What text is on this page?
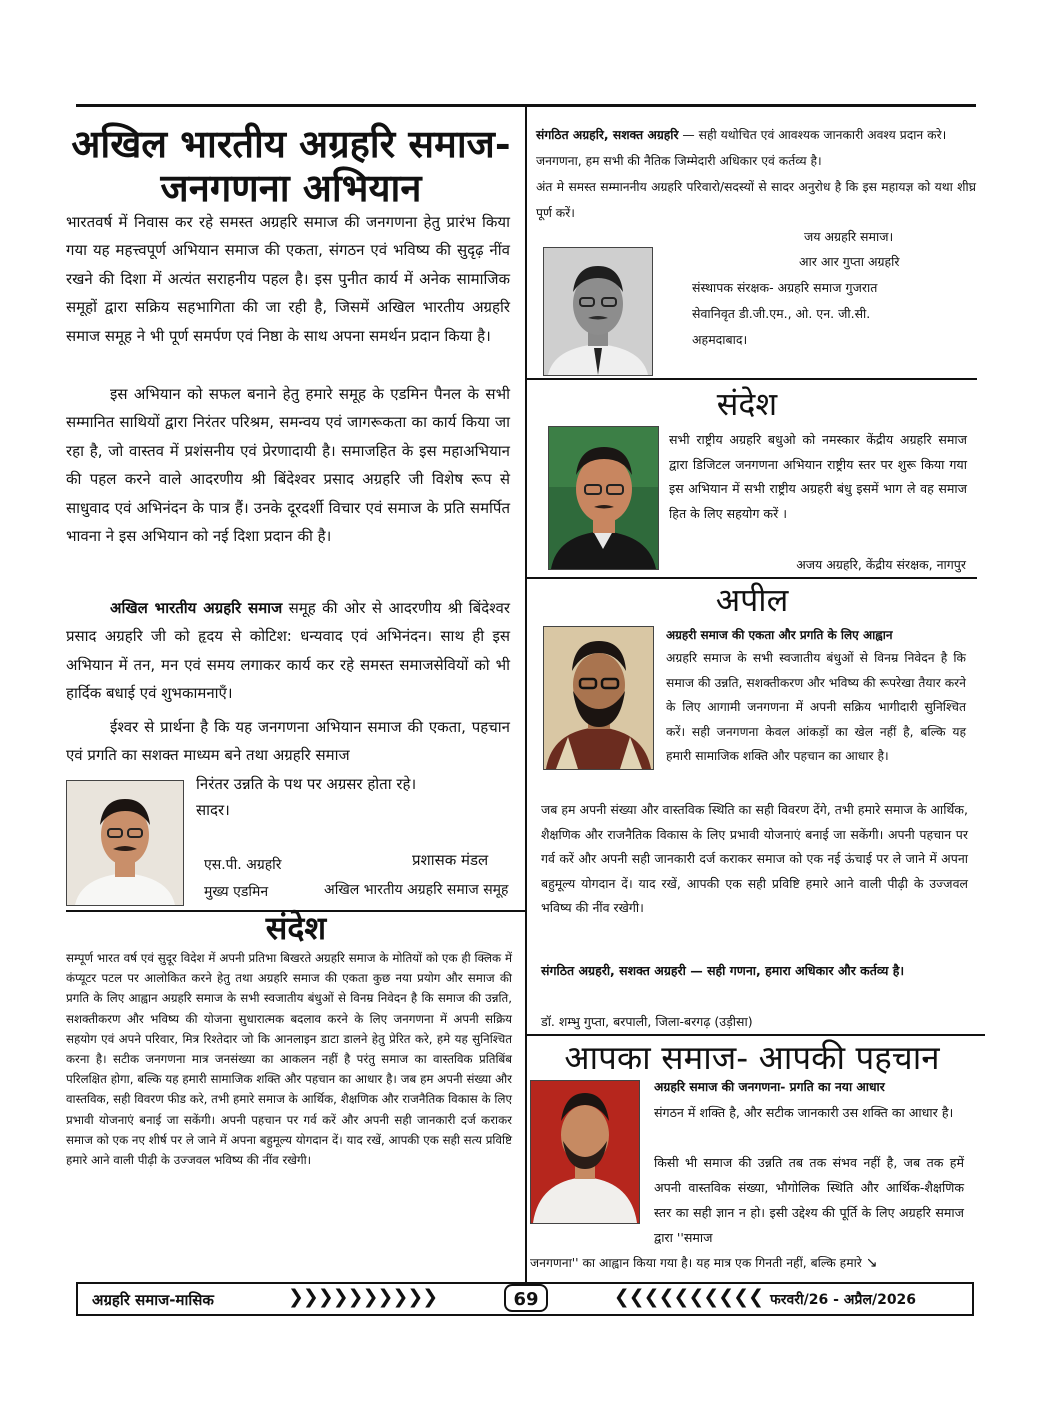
अखिल भारतीय अग्रहरि समाज-
जनगणना अभियान

भारतवर्ष में निवास कर रहे समस्त अग्रहरि समाज की जनगणना हेतु प्रारंभ किया गया यह महत्त्वपूर्ण अभियान समाज की एकता, संगठन एवं भविष्य की सुदृढ़ नींव रखने की दिशा में अत्यंत सराहनीय पहल है। इस पुनीत कार्य में अनेक सामाजिक समूहों द्वारा सक्रिय सहभागिता की जा रही है, जिसमें अखिल भारतीय अग्रहरि समाज समूह ने भी पूर्ण समर्पण एवं निष्ठा के साथ अपना समर्थन प्रदान किया है।

इस अभियान को सफल बनाने हेतु हमारे समूह के एडमिन पैनल के सभी सम्मानित साथियों द्वारा निरंतर परिश्रम, समन्वय एवं जागरूकता का कार्य किया जा रहा है, जो वास्तव में प्रशंसनीय एवं प्रेरणादायी है। समाजहित के इस महाअभियान की पहल करने वाले आदरणीय श्री बिंदेश्वर प्रसाद अग्रहरि जी विशेष रूप से साधुवाद एवं अभिनंदन के पात्र हैं। उनके दूरदर्शी विचार एवं समाज के प्रति समर्पित भावना ने इस अभियान को नई दिशा प्रदान की है।

अखिल भारतीय अग्रहरि समाज समूह की ओर से आदरणीय श्री बिंदेश्वर प्रसाद अग्रहरि जी को हृदय से कोटिश: धन्यवाद एवं अभिनंदन। साथ ही इस अभियान में तन, मन एवं समय लगाकर कार्य कर रहे समस्त समाजसेवियों को भी हार्दिक बधाई एवं शुभकामनाएँ।

ईश्वर से प्रार्थना है कि यह जनगणना अभियान समाज की एकता, पहचान एवं प्रगति का सशक्त माध्यम बने तथा अग्रहरि समाज

निरंतर उन्नति के पथ पर अग्रसर होता रहे।

सादर।
एस.पी. अग्रहरि
मुख्य एडमिन
प्रशासक मंडल
अखिल भारतीय अग्रहरि समाज समूह
संदेश

सम्पूर्ण भारत वर्ष एवं सुदूर विदेश में अपनी प्रतिभा बिखरते अग्रहरि समाज के मोतियों को एक ही क्लिक में कंप्यूटर पटल पर आलोकित करने हेतु तथा अग्रहरि समाज की एकता कुछ नया प्रयोग और समाज की प्रगति के लिए आह्वान अग्रहरि समाज के सभी स्वजातीय बंधुओं से विनम्र निवेदन है कि समाज की उन्नति, सशक्तीकरण और भविष्य की योजना सुधारात्मक बदलाव करने के लिए जनगणना में अपनी सक्रिय सहयोग एवं अपने परिवार, मित्र रिश्तेदार जो कि आनलाइन डाटा डालने हेतु प्रेरित करे, हमे यह सुनिश्चित करना है। सटीक जनगणना मात्र जनसंख्या का आकलन नहीं है परंतु समाज का वास्तविक प्रतिबिंब परिलक्षित होगा, बल्कि यह हमारी सामाजिक शक्ति और पहचान का आधार है। जब हम अपनी संख्या और वास्तविक, सही विवरण फीड करे, तभी हमारे समाज के आर्थिक, शैक्षणिक और राजनैतिक विकास के लिए प्रभावी योजनाएं बनाई जा सकेंगी। अपनी पहचान पर गर्व करें और अपनी सही जानकारी दर्ज कराकर समाज को एक नए शीर्ष पर ले जाने में अपना बहुमूल्य योगदान दें। याद रखें, आपकी एक सही सत्य प्रविष्टि हमारे आने वाली पीढ़ी के उज्जवल भविष्य की नींव रखेगी।

संगठित अग्रहरि, सशक्त अग्रहरि — सही यथोचित एवं आवश्यक जानकारी अवश्य प्रदान करे।
जनगणना, हम सभी की नैतिक जिम्मेदारी अधिकार एवं कर्तव्य है।
अंत मे समस्त सम्माननीय अग्रहरि परिवारो/सदस्यों से सादर अनुरोध है कि इस महायज्ञ को यथा शीघ्र पूर्ण करें।

जय अग्रहरि समाज।
आर आर गुप्ता अग्रहरि
संस्थापक संरक्षक- अग्रहरि समाज गुजरात
सेवानिवृत डी.जी.एम., ओ. एन. जी.सी.
अहमदाबाद।
संदेश

सभी राष्ट्रीय अग्रहरि बधुओ को नमस्कार केंद्रीय अग्रहरि समाज द्वारा डिजिटल जनगणना अभियान राष्ट्रीय स्तर पर शुरू किया गया इस अभियान में सभी राष्ट्रीय अग्रहरी बंधु इसमें भाग ले वह समाज हित के लिए सहयोग करें ।

अजय अग्रहरि, केंद्रीय संरक्षक, नागपुर
अपील
अग्रहरी समाज की एकता और प्रगति के लिए आह्वान

अग्रहरि समाज के सभी स्वजातीय बंधुओं से विनम्र निवेदन है कि समाज की उन्नति, सशक्तीकरण और भविष्य की रूपरेखा तैयार करने के लिए आगामी जनगणना में अपनी सक्रिय भागीदारी सुनिश्चित करें। सही जनगणना केवल आंकड़ों का खेल नहीं है, बल्कि यह हमारी सामाजिक शक्ति और पहचान का आधार है।

जब हम अपनी संख्या और वास्तविक स्थिति का सही विवरण देंगे, तभी हमारे समाज के आर्थिक, शैक्षणिक और राजनैतिक विकास के लिए प्रभावी योजनाएं बनाई जा सकेंगी। अपनी पहचान पर गर्व करें और अपनी सही जानकारी दर्ज कराकर समाज को एक नई ऊंचाई पर ले जाने में अपना बहुमूल्य योगदान दें। याद रखें, आपकी एक सही प्रविष्टि हमारे आने वाली पीढ़ी के उज्जवल भविष्य की नींव रखेगी।

संगठित अग्रहरी, सशक्त अग्रहरी — सही गणना, हमारा अधिकार और कर्तव्य है।

डॉ. शम्भु गुप्ता, बरपाली, जिला-बरगढ़ (उड़ीसा)
आपका समाज- आपकी पहचान
अग्रहरि समाज की जनगणना- प्रगति का नया आधार

संगठन में शक्ति है, और सटीक जानकारी उस शक्ति का आधार है।

किसी भी समाज की उन्नति तब तक संभव नहीं है, जब तक हमें अपनी वास्तविक संख्या, भौगोलिक स्थिति और आर्थिक-शैक्षणिक स्तर का सही ज्ञान न हो। इसी उद्देश्य की पूर्ति के लिए अग्रहरि समाज द्वारा ''समाज

जनगणना'' का आह्वान किया गया है। यह मात्र एक गिनती नहीं, बल्कि हमारे ↘
अग्रहरि समाज-मासिक	❯❯❯❯❯❯❯❯❯❯	69	❯❯❯❯❯❯❯❯❯❯ फरवरी/26 - अप्रैल/2026
